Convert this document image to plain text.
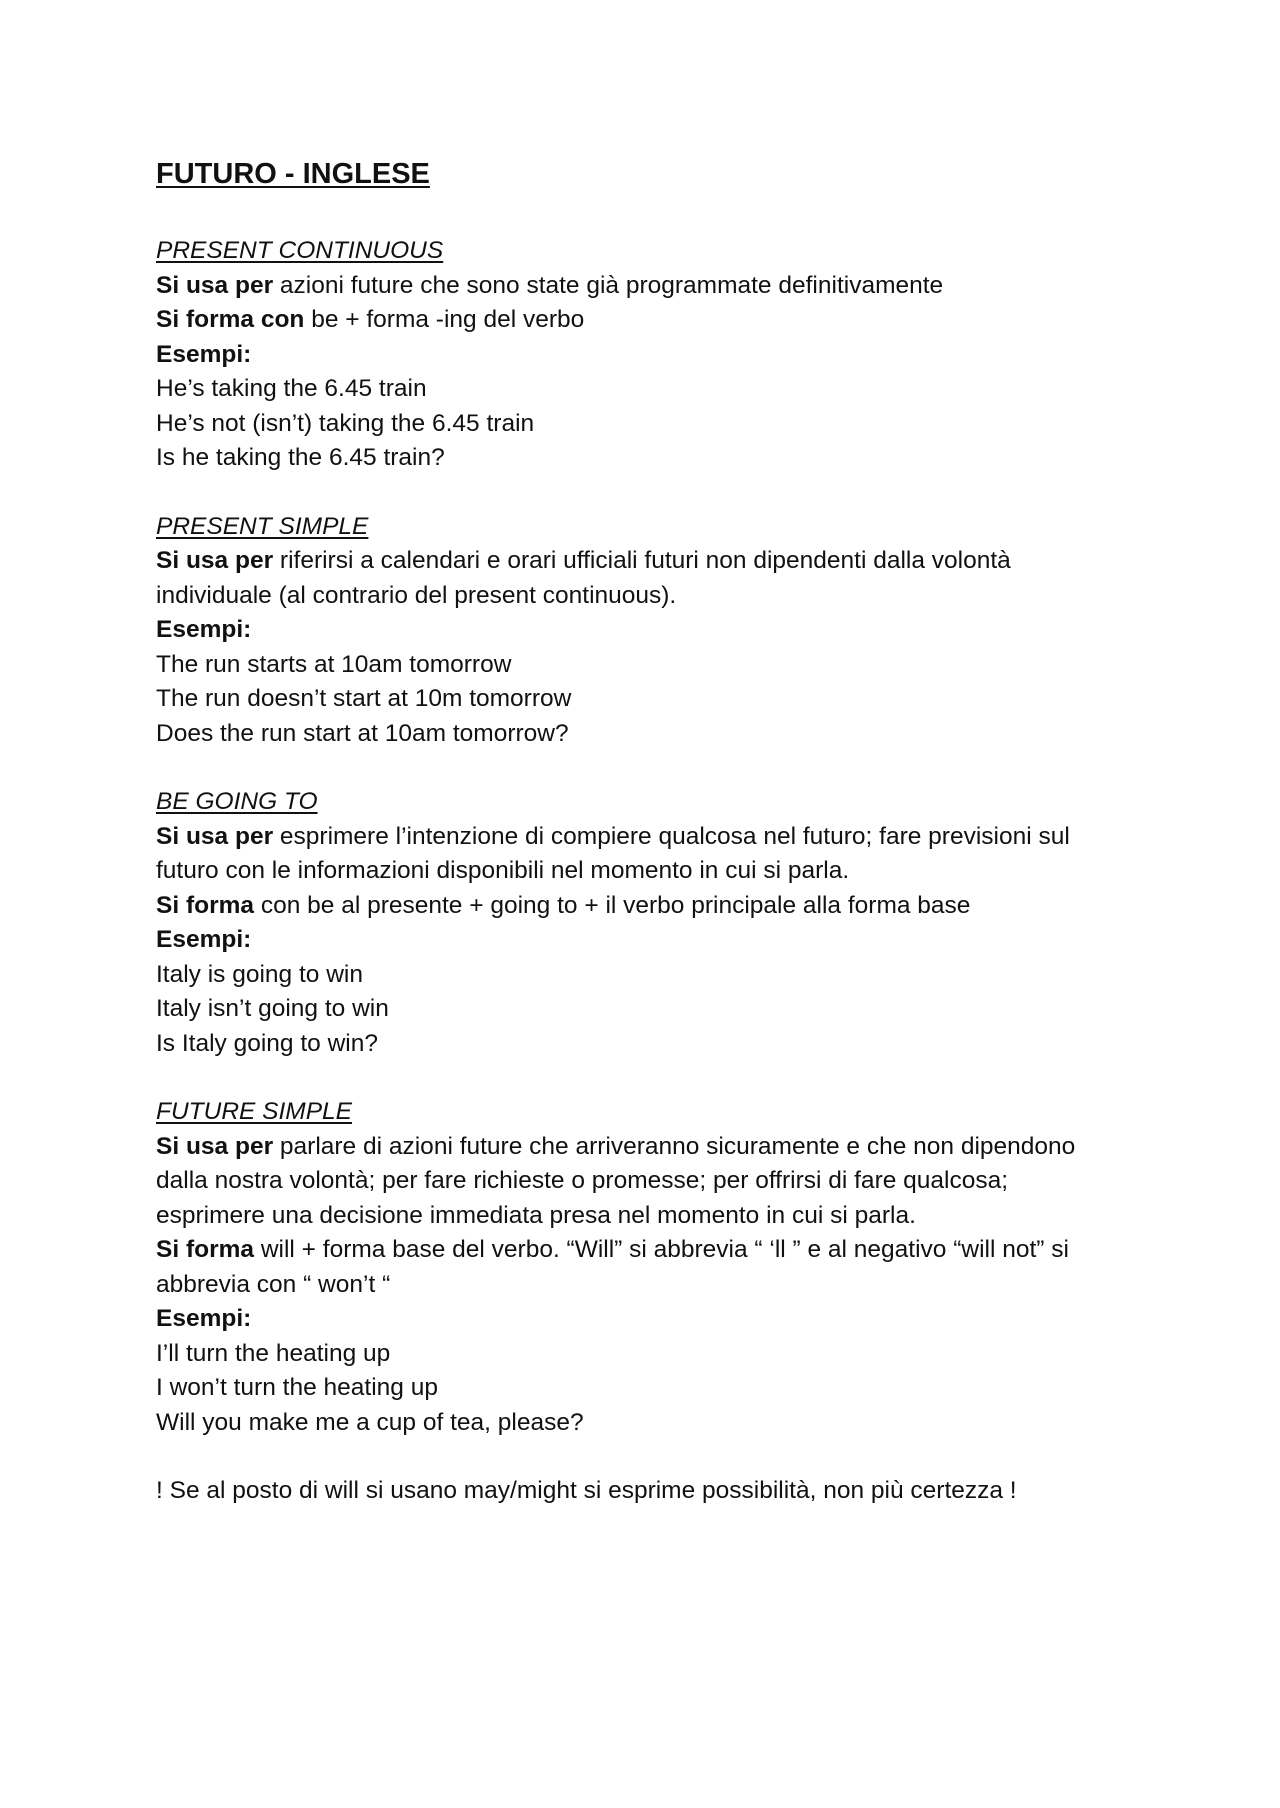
FUTURO - INGLESE

PRESENT CONTINUOUS

Si usa per azioni future che sono state già programmate definitivamente

Si forma con be + forma -ing del verbo

Esempi:

He’s taking the 6.45 train

He’s not (isn’t) taking the 6.45 train

Is he taking the 6.45 train?

PRESENT SIMPLE

Si usa per riferirsi a calendari e orari ufficiali futuri non dipendenti dalla volontà

individuale (al contrario del present continuous).

Esempi:

The run starts at 10am tomorrow

The run doesn’t start at 10m tomorrow

Does the run start at 10am tomorrow?

BE GOING TO

Si usa per esprimere l’intenzione di compiere qualcosa nel futuro; fare previsioni sul

futuro con le informazioni disponibili nel momento in cui si parla.

Si forma con be al presente + going to + il verbo principale alla forma base

Esempi:

Italy is going to win

Italy isn’t going to win

Is Italy going to win?

FUTURE SIMPLE

Si usa per parlare di azioni future che arriveranno sicuramente e che non dipendono

dalla nostra volontà; per fare richieste o promesse; per offrirsi di fare qualcosa;

esprimere una decisione immediata presa nel momento in cui si parla.

Si forma will + forma base del verbo. “Will” si abbrevia “ ‘ll ” e al negativo “will not” si

abbrevia con “ won’t “

Esempi:

I’ll turn the heating up

I won’t turn the heating up

Will you make me a cup of tea, please?

! Se al posto di will si usano may/might si esprime possibilità, non più certezza !
